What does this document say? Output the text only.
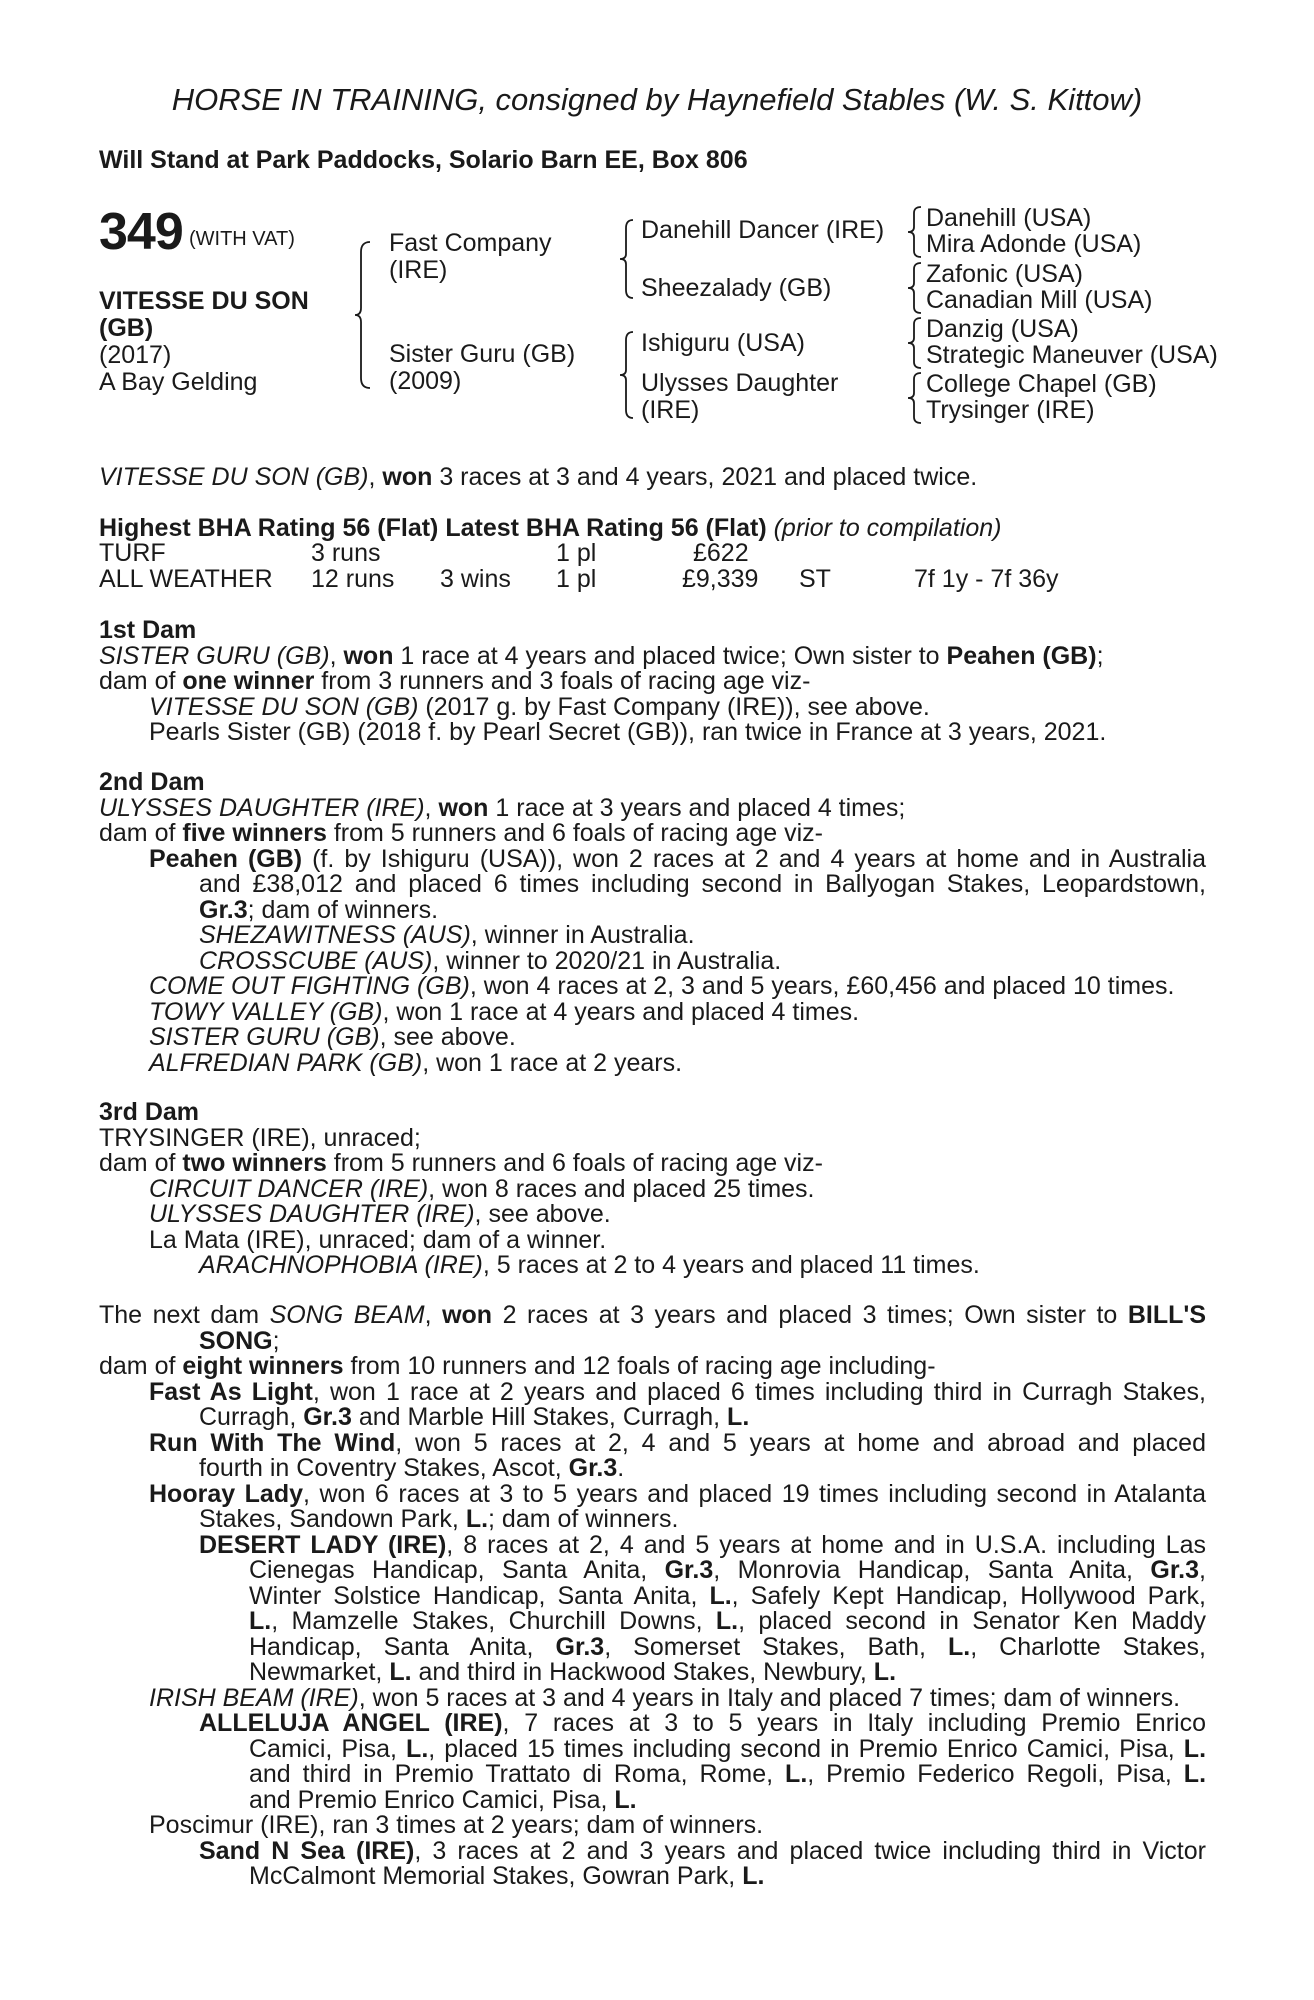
HORSE IN TRAINING, consigned by Haynefield Stables (W. S. Kittow)
Will Stand at Park Paddocks, Solario Barn EE, Box 806
349 (WITH VAT)
VITESSE DU SON
(GB)
(2017)
A Bay Gelding
Fast Company
(IRE)
Sister Guru (GB)
(2009)
Danehill Dancer (IRE)
Sheezalady (GB)
Ishiguru (USA)
Ulysses Daughter
(IRE)
Danehill (USA)
Mira Adonde (USA)
Zafonic (USA)
Canadian Mill (USA)
Danzig (USA)
Strategic Maneuver (USA)
College Chapel (GB)
Trysinger (IRE)
VITESSE DU SON (GB), won 3 races at 3 and 4 years, 2021 and placed twice.
Highest BHA Rating 56 (Flat) Latest BHA Rating 56 (Flat) (prior to compilation)
TURF	3 runs	1 pl	£622
ALL WEATHER 12 runs 3 wins 1 pl	£9,339 ST	7f 1y - 7f 36y
1st Dam
SISTER GURU (GB), won 1 race at 4 years and placed twice; Own sister to Peahen (GB);
dam of one winner from 3 runners and 3 foals of racing age viz-
VITESSE DU SON (GB) (2017 g. by Fast Company (IRE)), see above.
Pearls Sister (GB) (2018 f. by Pearl Secret (GB)), ran twice in France at 3 years, 2021.
2nd Dam
ULYSSES DAUGHTER (IRE), won 1 race at 3 years and placed 4 times;
dam of five winners from 5 runners and 6 foals of racing age viz-
Peahen (GB) (f. by Ishiguru (USA)), won 2 races at 2 and 4 years at home and in Australia
and £38,012 and placed 6 times including second in Ballyogan Stakes, Leopardstown,
Gr.3; dam of winners.
SHEZAWITNESS (AUS), winner in Australia.
CROSSCUBE (AUS), winner to 2020/21 in Australia.
COME OUT FIGHTING (GB), won 4 races at 2, 3 and 5 years, £60,456 and placed 10 times.
TOWY VALLEY (GB), won 1 race at 4 years and placed 4 times.
SISTER GURU (GB), see above.
ALFREDIAN PARK (GB), won 1 race at 2 years.
3rd Dam
TRYSINGER (IRE), unraced;
dam of two winners from 5 runners and 6 foals of racing age viz-
CIRCUIT DANCER (IRE), won 8 races and placed 25 times.
ULYSSES DAUGHTER (IRE), see above.
La Mata (IRE), unraced; dam of a winner.
ARACHNOPHOBIA (IRE), 5 races at 2 to 4 years and placed 11 times.
The next dam SONG BEAM, won 2 races at 3 years and placed 3 times; Own sister to BILL'S
SONG;
dam of eight winners from 10 runners and 12 foals of racing age including-
Fast As Light, won 1 race at 2 years and placed 6 times including third in Curragh Stakes,
Curragh, Gr.3 and Marble Hill Stakes, Curragh, L.
Run With The Wind, won 5 races at 2, 4 and 5 years at home and abroad and placed
fourth in Coventry Stakes, Ascot, Gr.3.
Hooray Lady, won 6 races at 3 to 5 years and placed 19 times including second in Atalanta
Stakes, Sandown Park, L.; dam of winners.
DESERT LADY (IRE), 8 races at 2, 4 and 5 years at home and in U.S.A. including Las
Cienegas Handicap, Santa Anita, Gr.3, Monrovia Handicap, Santa Anita, Gr.3,
Winter Solstice Handicap, Santa Anita, L., Safely Kept Handicap, Hollywood Park,
L., Mamzelle Stakes, Churchill Downs, L., placed second in Senator Ken Maddy
Handicap, Santa Anita, Gr.3, Somerset Stakes, Bath, L., Charlotte Stakes,
Newmarket, L. and third in Hackwood Stakes, Newbury, L.
IRISH BEAM (IRE), won 5 races at 3 and 4 years in Italy and placed 7 times; dam of winners.
ALLELUJA ANGEL (IRE), 7 races at 3 to 5 years in Italy including Premio Enrico
Camici, Pisa, L., placed 15 times including second in Premio Enrico Camici, Pisa, L.
and third in Premio Trattato di Roma, Rome, L., Premio Federico Regoli, Pisa, L.
and Premio Enrico Camici, Pisa, L.
Poscimur (IRE), ran 3 times at 2 years; dam of winners.
Sand N Sea (IRE), 3 races at 2 and 3 years and placed twice including third in Victor
McCalmont Memorial Stakes, Gowran Park, L.
